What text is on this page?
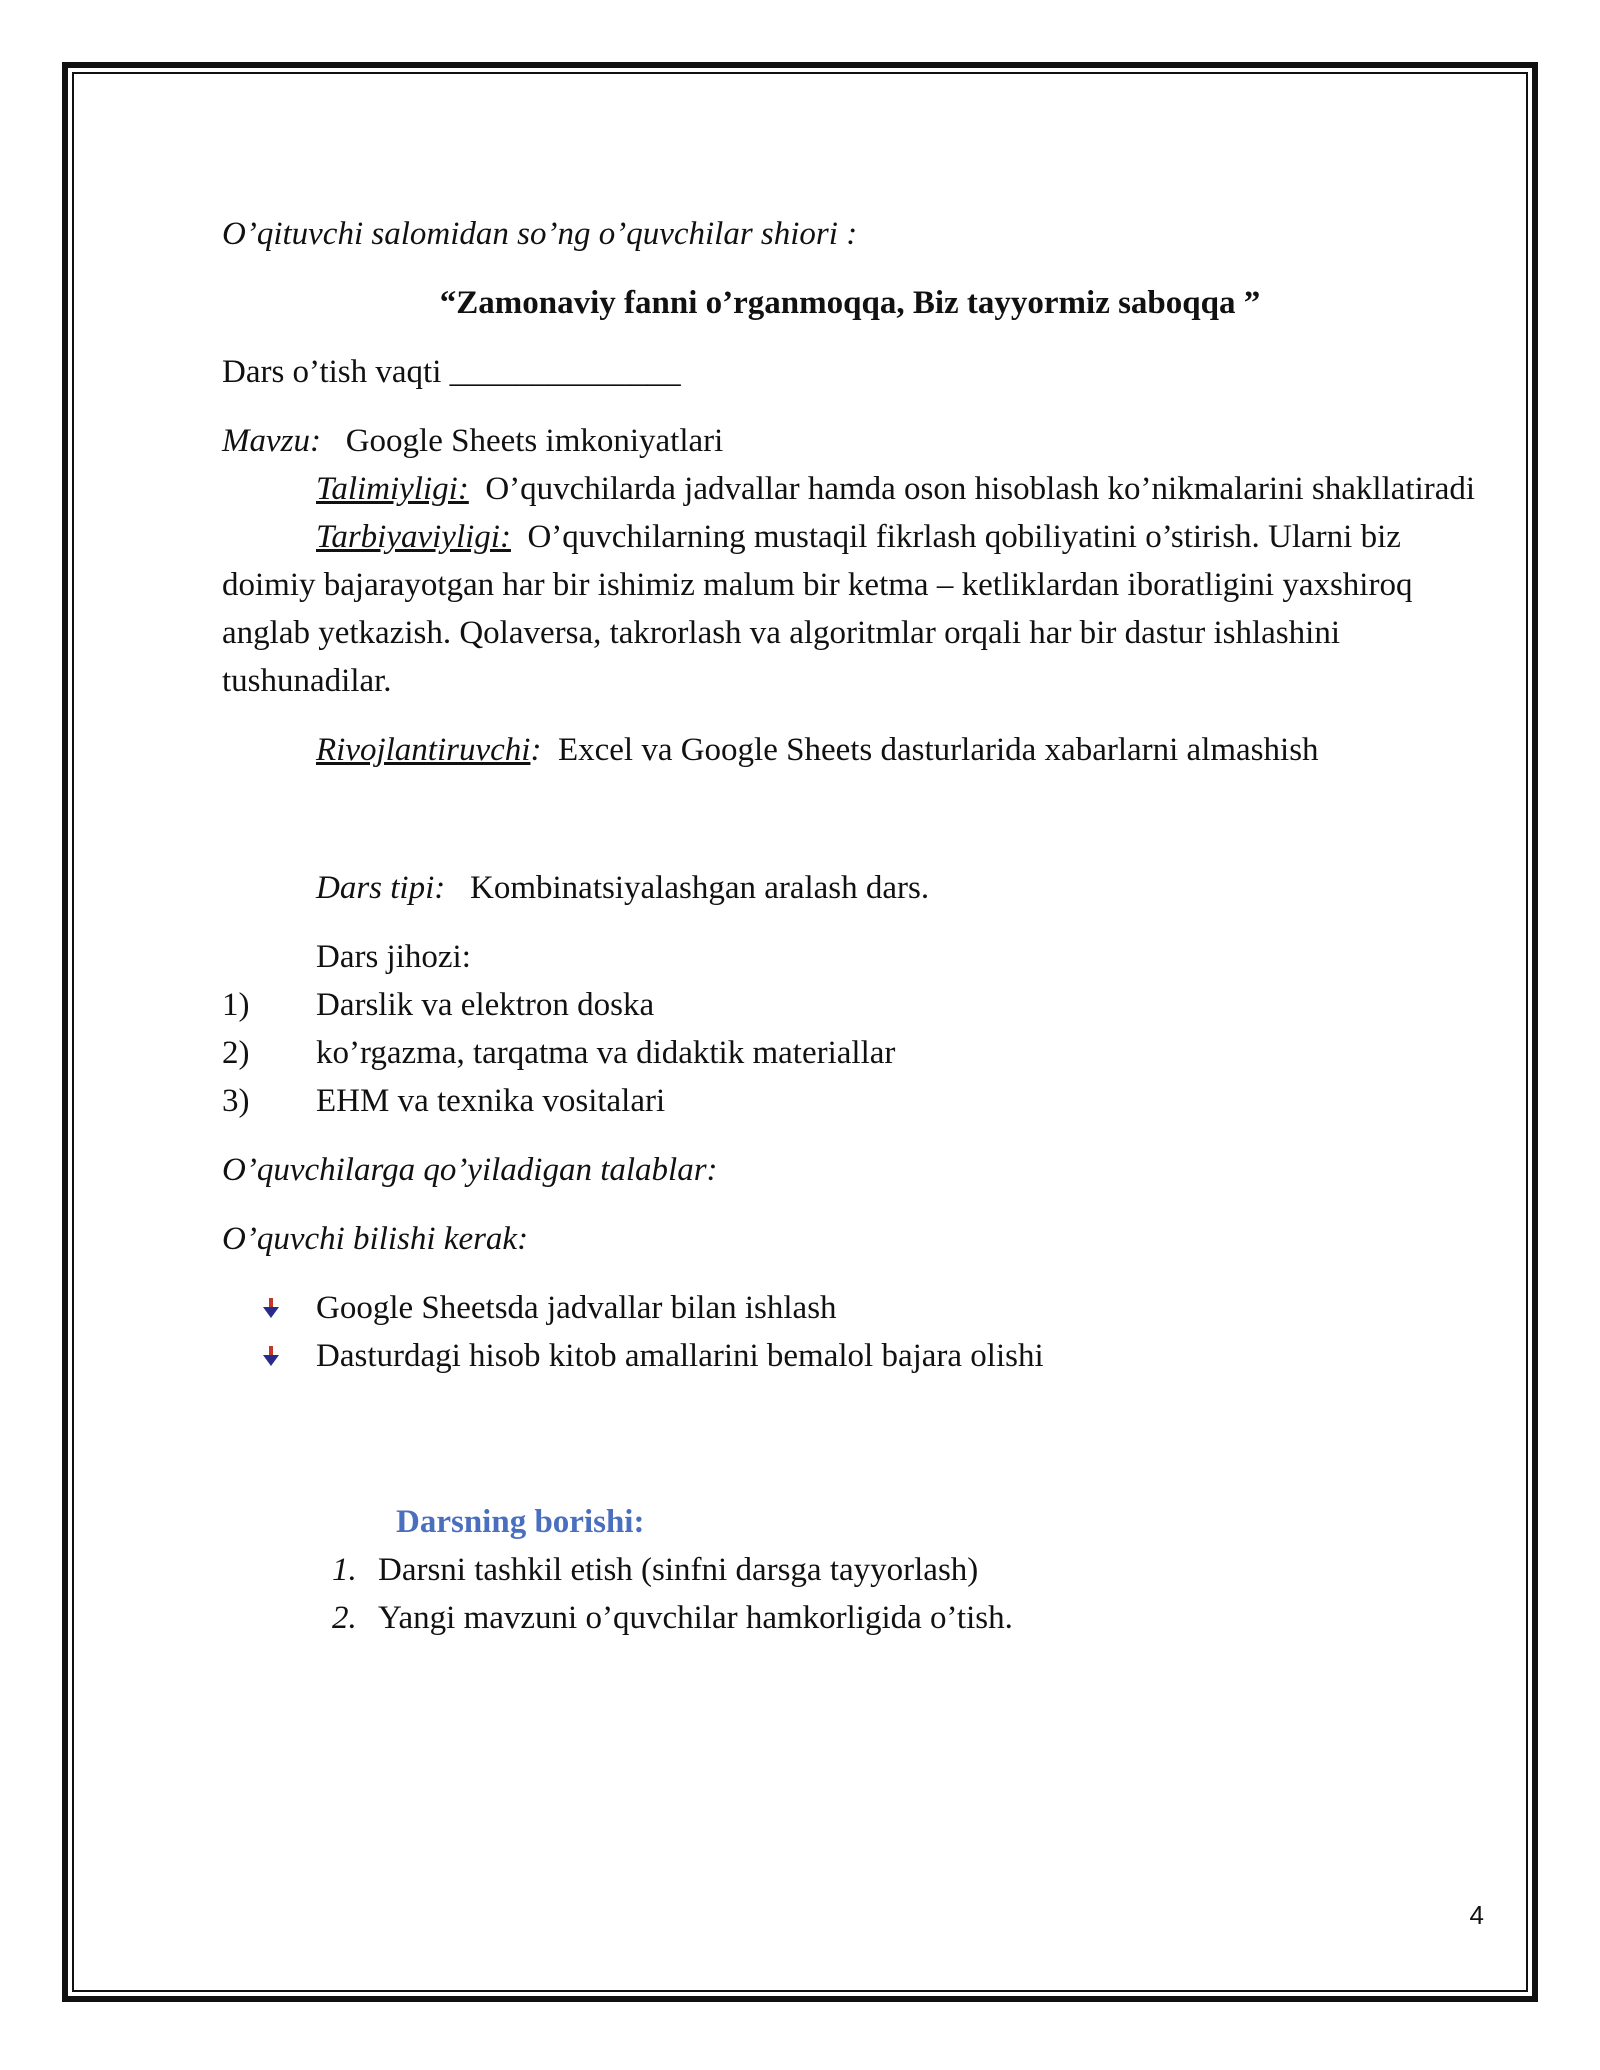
O’qituvchi salomidan so’ng o’quvchilar shiori :

“Zamonaviy fanni o’rganmoqqa, Biz tayyormiz saboqqa ”

Dars o’tish vaqti ______________

Mavzu: Google Sheets imkoniyatlari

Talimiyligi: O’quvchilarda jadvallar hamda oson hisoblash ko’nikmalarini shakllatiradi

Tarbiyaviyligi: O’quvchilarning mustaqil fikrlash qobiliyatini o’stirish. Ularni biz doimiy bajarayotgan har bir ishimiz malum bir ketma – ketliklardan iboratligini yaxshiroq anglab yetkazish. Qolaversa, takrorlash va algoritmlar orqali har bir dastur ishlashini tushunadilar.

Rivojlantiruvchi: Excel va Google Sheets dasturlarida xabarlarni almashish

Dars tipi: Kombinatsiyalashgan aralash dars.

Dars jihozi:

1)	Darslik va elektron doska
2)	ko’rgazma, tarqatma va didaktik materiallar
3)	EHM va texnika vositalari

O’quvchilarga qo’yiladigan talablar:

O’quvchi bilishi kerak:

Google Sheetsda jadvallar bilan ishlash
Dasturdagi hisob kitob amallarini bemalol bajara olishi

Darsning borishi:

1. Darsni tashkil etish (sinfni darsga tayyorlash)
2. Yangi mavzuni o’quvchilar hamkorligida o’tish.
4
